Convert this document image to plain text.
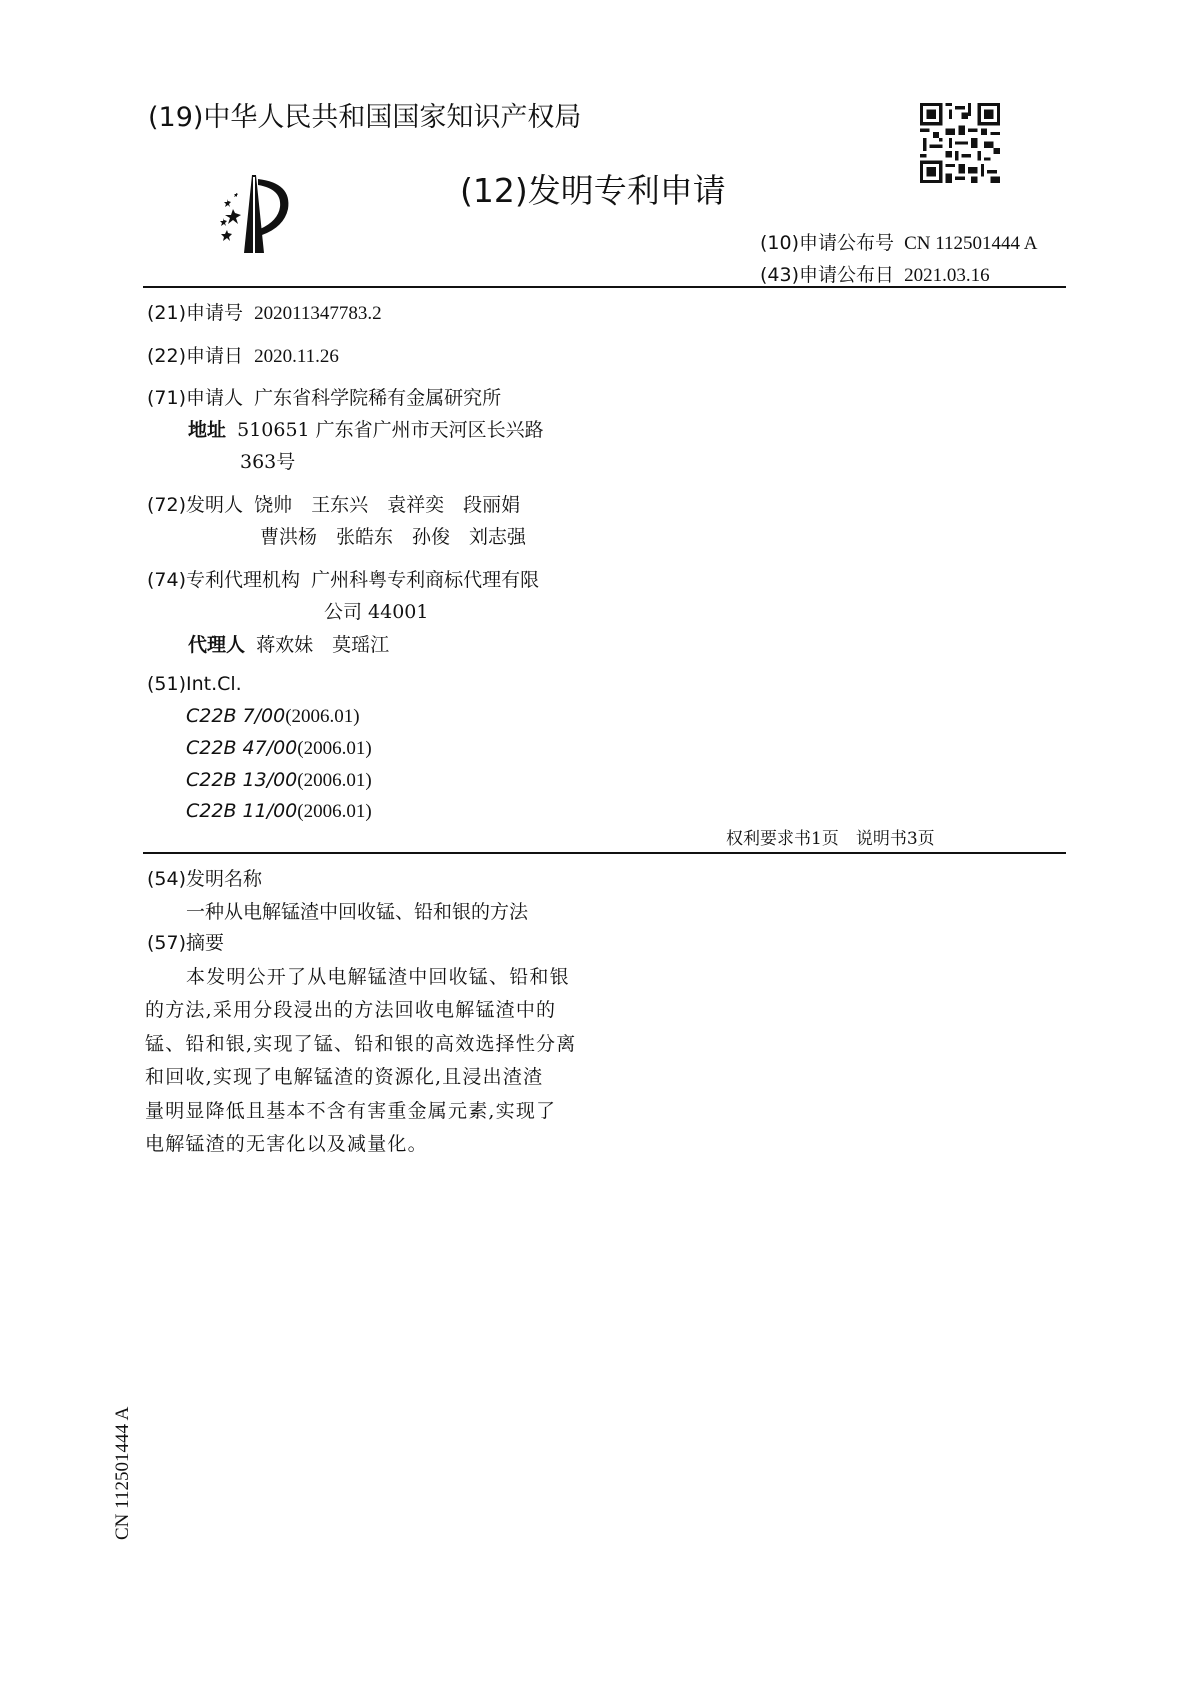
(19)中华人民共和国国家知识产权局
(12)发明专利申请
(10)申请公布号 CN 112501444 A
(43)申请公布日 2021.03.16
(21)申请号 202011347783.2
(22)申请日 2020.11.26
(71)申请人 广东省科学院稀有金属研究所
地址 510651 广东省广州市天河区长兴路
363号
(72)发明人 饶帅　王东兴　袁祥奕　段丽娟
曹洪杨　张皓东　孙俊　刘志强
(74)专利代理机构 广州科粤专利商标代理有限
公司 44001
代理人 蒋欢妹　莫瑶江
(51)Int.Cl.
C22B 7/00(2006.01)
C22B 47/00(2006.01)
C22B 13/00(2006.01)
C22B 11/00(2006.01)
权利要求书1页　说明书3页
(54)发明名称
一种从电解锰渣中回收锰、铅和银的方法
(57)摘要
本发明公开了从电解锰渣中回收锰、铅和银
的方法,采用分段浸出的方法回收电解锰渣中的
锰、铅和银,实现了锰、铅和银的高效选择性分离
和回收,实现了电解锰渣的资源化,且浸出渣渣
量明显降低且基本不含有害重金属元素,实现了
电解锰渣的无害化以及减量化。
CN 112501444 A
